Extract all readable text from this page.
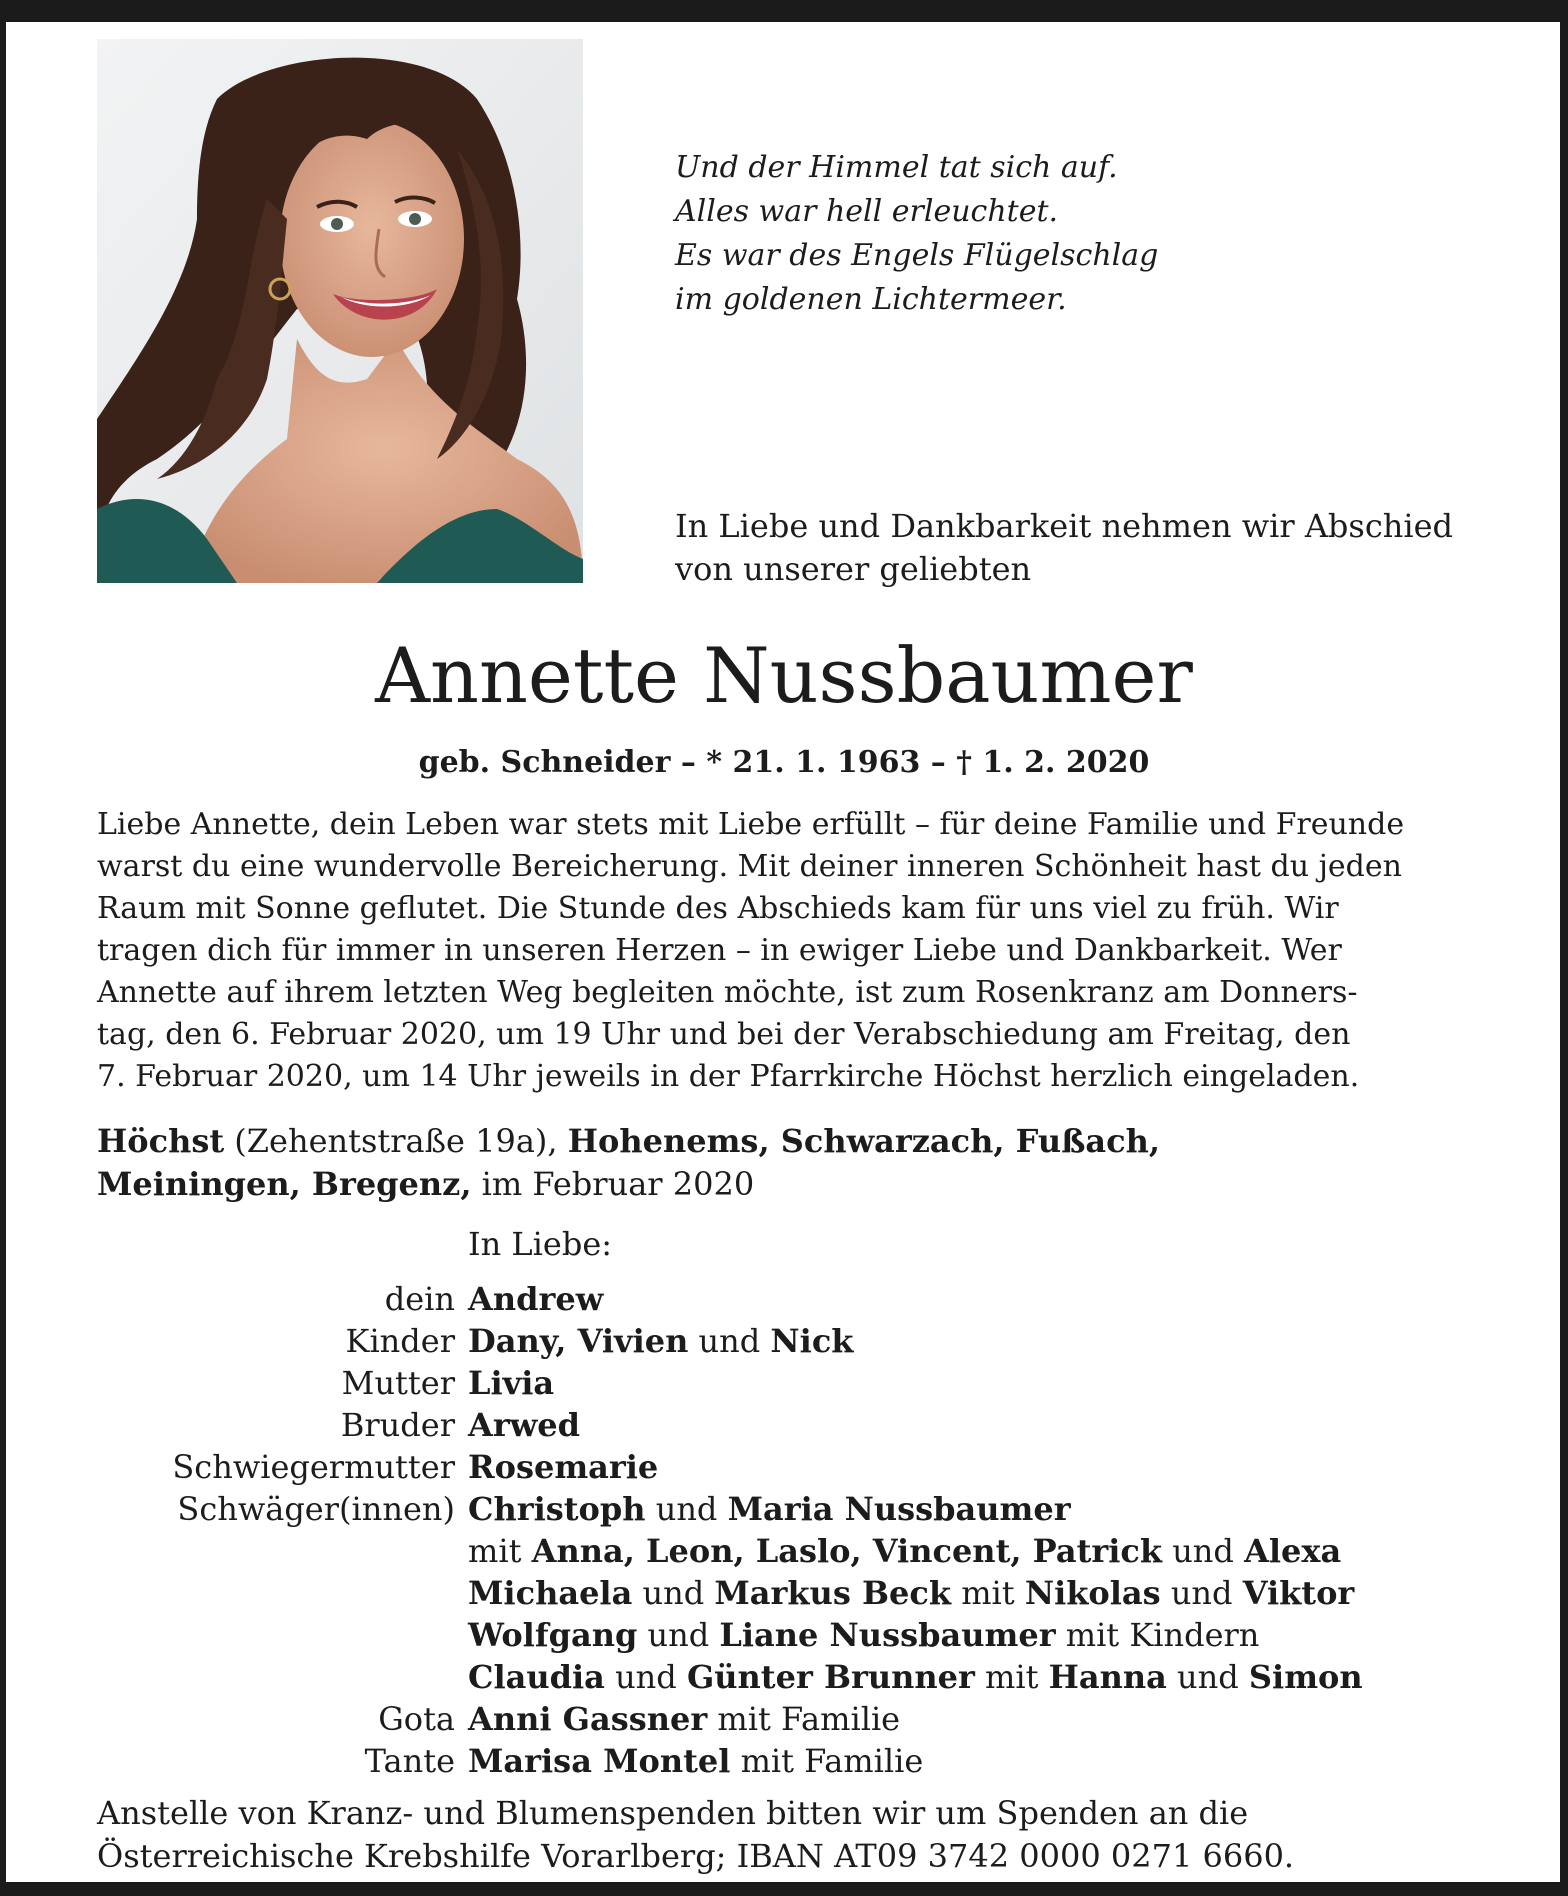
Und der Himmel tat sich auf.
Alles war hell erleuchtet.
Es war des Engels Flügelschlag
im goldenen Lichtermeer.
In Liebe und Dankbarkeit nehmen wir Abschied
von unserer geliebten
Annette Nussbaumer
geb. Schneider – * 21. 1. 1963 – † 1. 2. 2020
Liebe Annette, dein Leben war stets mit Liebe erfüllt – für deine Familie und Freunde
warst du eine wundervolle Bereicherung. Mit deiner inneren Schönheit hast du jeden
Raum mit Sonne geflutet. Die Stunde des Abschieds kam für uns viel zu früh. Wir
tragen dich für immer in unseren Herzen – in ewiger Liebe und Dankbarkeit. Wer
Annette auf ihrem letzten Weg begleiten möchte, ist zum Rosenkranz am Donners-
tag, den 6. Februar 2020, um 19 Uhr und bei der Verabschiedung am Freitag, den
7. Februar 2020, um 14 Uhr jeweils in der Pfarrkirche Höchst herzlich eingeladen.
Höchst (Zehentstraße 19a), Hohenems, Schwarzach, Fußach,
Meiningen, Bregenz, im Februar 2020
In Liebe:
dein Andrew
Kinder Dany, Vivien und Nick
Mutter Livia
Bruder Arwed
Schwiegermutter Rosemarie
Schwäger(innen) Christoph und Maria Nussbaumer
mit Anna, Leon, Laslo, Vincent, Patrick und Alexa
Michaela und Markus Beck mit Nikolas und Viktor
Wolfgang und Liane Nussbaumer mit Kindern
Claudia und Günter Brunner mit Hanna und Simon
Gota Anni Gassner mit Familie
Tante Marisa Montel mit Familie
Anstelle von Kranz- und Blumenspenden bitten wir um Spenden an die
Österreichische Krebshilfe Vorarlberg; IBAN AT09 3742 0000 0271 6660.
